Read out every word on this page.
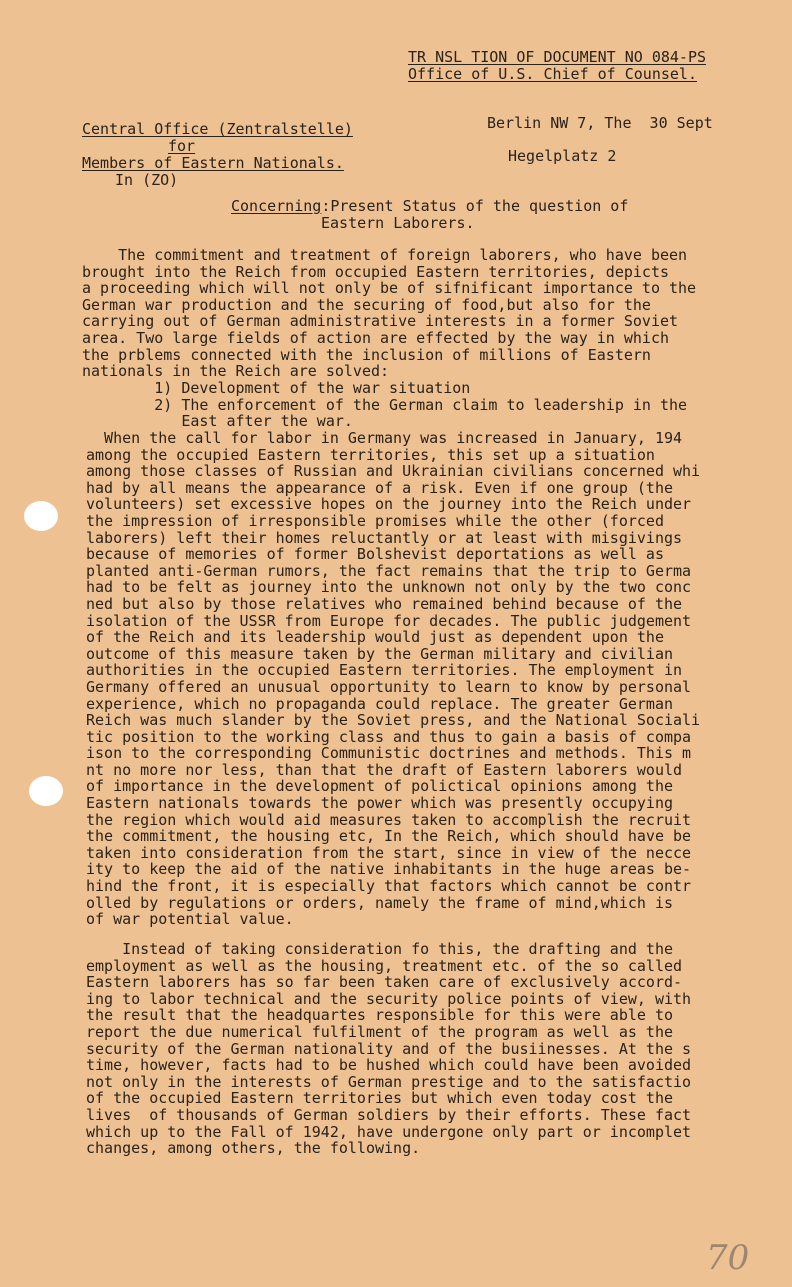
TR NSL TION OF DOCUMENT NO 084-PS
Office of U.S. Chief of Counsel.
Central Office (Zentralstelle)
for
Members of Eastern Nationals.
In (ZO)
Berlin NW 7, The  30 Sept
Hegelplatz 2
Concerning:Present Status of the question of
Eastern Laborers.
The commitment and treatment of foreign laborers, who have been
brought into the Reich from occupied Eastern territories, depicts
a proceeding which will not only be of sifnificant importance to the
German war production and the securing of food,but also for the
carrying out of German administrative interests in a former Soviet
area. Two large fields of action are effected by the way in which
the prblems connected with the inclusion of millions of Eastern
nationals in the Reich are solved:
1) Development of the war situation
2) The enforcement of the German claim to leadership in the
East after the war.
When the call for labor in Germany was increased in January, 194
among the occupied Eastern territories, this set up a situation
among those classes of Russian and Ukrainian civilians concerned whi
had by all means the appearance of a risk. Even if one group (the
volunteers) set excessive hopes on the journey into the Reich under
the impression of irresponsible promises while the other (forced
laborers) left their homes reluctantly or at least with misgivings
because of memories of former Bolshevist deportations as well as
planted anti-German rumors, the fact remains that the trip to Germa
had to be felt as journey into the unknown not only by the two conc
ned but also by those relatives who remained behind because of the
isolation of the USSR from Europe for decades. The public judgement
of the Reich and its leadership would just as dependent upon the
outcome of this measure taken by the German military and civilian
authorities in the occupied Eastern territories. The employment in
Germany offered an unusual opportunity to learn to know by personal
experience, which no propaganda could replace. The greater German
Reich was much slander by the Soviet press, and the National Sociali
tic position to the working class and thus to gain a basis of compa
ison to the corresponding Communistic doctrines and methods. This m
nt no more nor less, than that the draft of Eastern laborers would
of importance in the development of polictical opinions among the
Eastern nationals towards the power which was presently occupying
the region which would aid measures taken to accomplish the recruit
the commitment, the housing etc, In the Reich, which should have be
taken into consideration from the start, since in view of the necce
ity to keep the aid of the native inhabitants in the huge areas be-
hind the front, it is especially that factors which cannot be contr
olled by regulations or orders, namely the frame of mind,which is
of war potential value.
Instead of taking consideration fo this, the drafting and the
employment as well as the housing, treatment etc. of the so called
Eastern laborers has so far been taken care of exclusively accord-
ing to labor technical and the security police points of view, with
the result that the headquartes responsible for this were able to
report the due numerical fulfilment of the program as well as the
security of the German nationality and of the busiinesses. At the s
time, however, facts had to be hushed which could have been avoided
not only in the interests of German prestige and to the satisfactio
of the occupied Eastern territories but which even today cost the
lives  of thousands of German soldiers by their efforts. These fact
which up to the Fall of 1942, have undergone only part or incomplet
changes, among others, the following.
70
